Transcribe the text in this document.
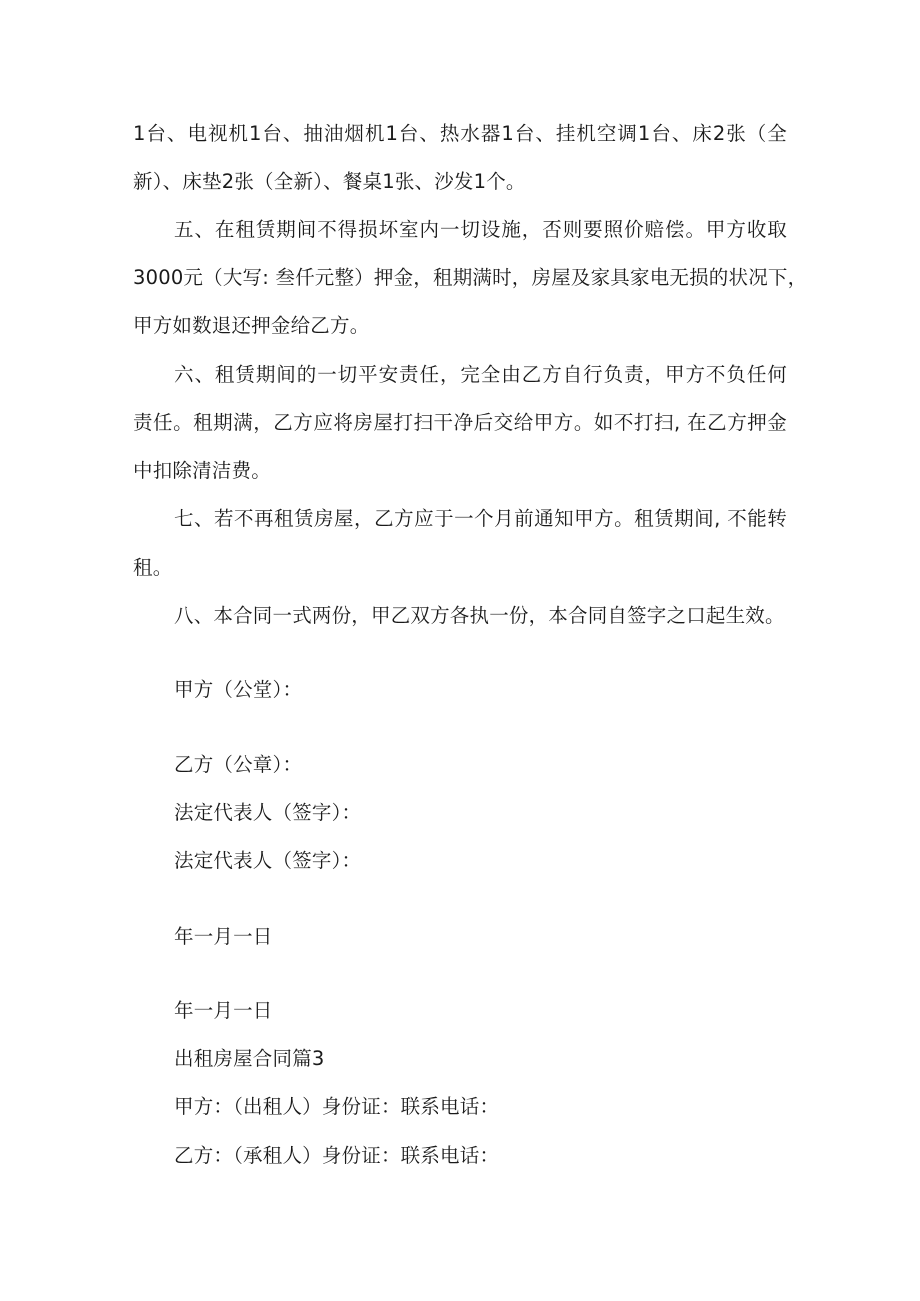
1台、电视机1台、抽油烟机1台、热水器1台、挂机空调1台、床2张（全
新）、床垫2张（全新）、餐桌1张、沙发1个。
五、在租赁期间不得损坏室内一切设施，否则要照价赔偿。甲方收取
3000元（大写: 叁仟元整）押金，租期满时，房屋及家具家电无损的状况下，
甲方如数退还押金给乙方。
六、租赁期间的一切平安责任，完全由乙方自行负责，甲方不负任何
责任。租期满，乙方应将房屋打扫干净后交给甲方。如不打扫, 在乙方押金
中扣除清洁费。
七、若不再租赁房屋，乙方应于一个月前通知甲方。租赁期间, 不能转
租。
八、本合同一式两份，甲乙双方各执一份，本合同自签字之口起生效。
甲方（公堂）：
乙方（公章）：
法定代表人（签字）：
法定代表人（签字）：
年一月一日
年一月一日
出租房屋合同篇3
甲方：（出租人）身份证：联系电话：
乙方：（承租人）身份证：联系电话：
